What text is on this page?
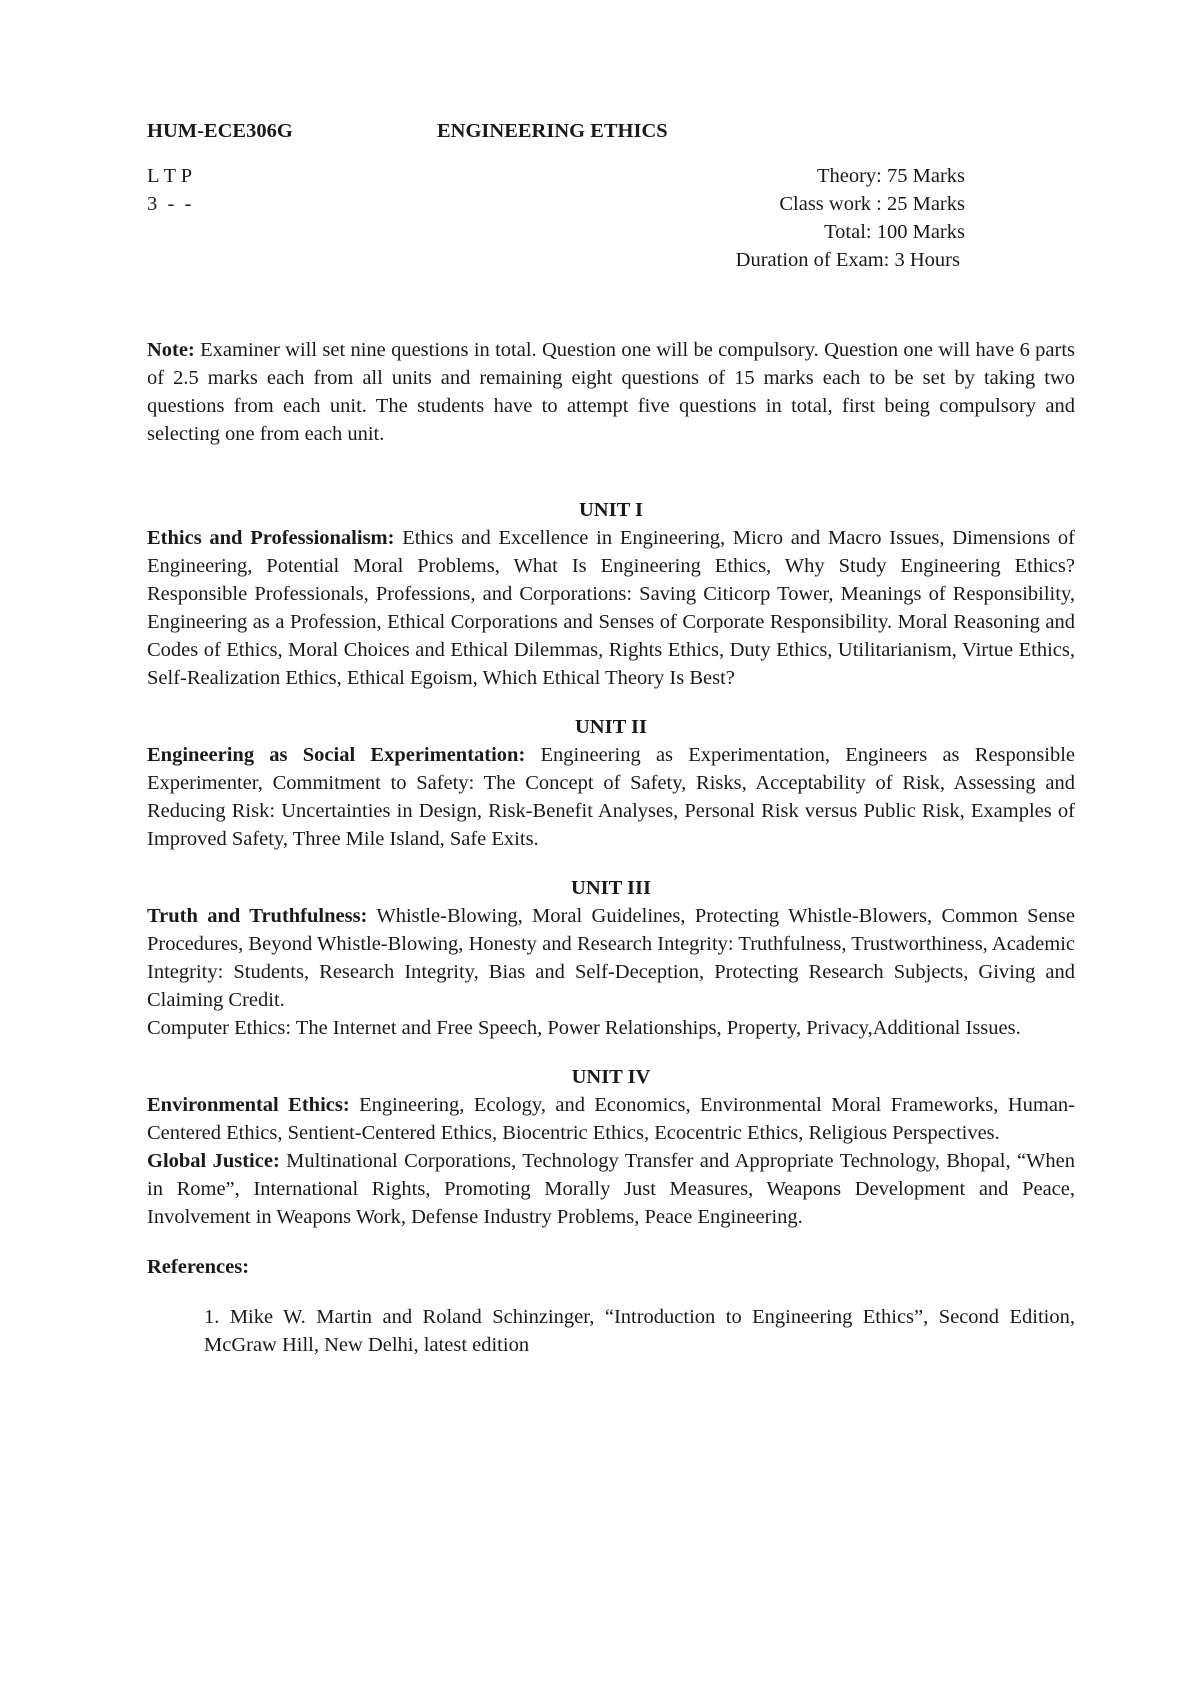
HUM-ECE306G	ENGINEERING ETHICS
L T P
3  -  -
Theory: 75 Marks
Class work : 25 Marks
Total: 100 Marks
Duration of Exam: 3 Hours

Note: Examiner will set nine questions in total. Question one will be compulsory. Question one will have 6 parts of 2.5 marks each from all units and remaining eight questions of 15 marks each to be set by taking two questions from each unit. The students have to attempt five questions in total, first being compulsory and selecting one from each unit.

UNIT I

Ethics and Professionalism: Ethics and Excellence in Engineering, Micro and Macro Issues, Dimensions of Engineering, Potential Moral Problems, What Is Engineering Ethics, Why Study Engineering Ethics? Responsible Professionals, Professions, and Corporations: Saving Citicorp Tower, Meanings of Responsibility, Engineering as a Profession, Ethical Corporations and Senses of Corporate Responsibility. Moral Reasoning and Codes of Ethics, Moral Choices and Ethical Dilemmas, Rights Ethics, Duty Ethics, Utilitarianism, Virtue Ethics, Self-Realization Ethics, Ethical Egoism, Which Ethical Theory Is Best?

UNIT II

Engineering as Social Experimentation: Engineering as Experimentation, Engineers as Responsible Experimenter, Commitment to Safety: The Concept of Safety, Risks, Acceptability of Risk, Assessing and Reducing Risk: Uncertainties in Design, Risk-Benefit Analyses, Personal Risk versus Public Risk, Examples of Improved Safety, Three Mile Island, Safe Exits.

UNIT III

Truth and Truthfulness: Whistle-Blowing, Moral Guidelines, Protecting Whistle-Blowers, Common Sense Procedures, Beyond Whistle-Blowing, Honesty and Research Integrity: Truthfulness, Trustworthiness, Academic Integrity: Students, Research Integrity, Bias and Self-Deception, Protecting Research Subjects, Giving and Claiming Credit.

Computer Ethics: The Internet and Free Speech, Power Relationships, Property, Privacy,Additional Issues.

UNIT IV

Environmental Ethics: Engineering, Ecology, and Economics, Environmental Moral Frameworks, Human-Centered Ethics, Sentient-Centered Ethics, Biocentric Ethics, Ecocentric Ethics, Religious Perspectives.

Global Justice: Multinational Corporations, Technology Transfer and Appropriate Technology, Bhopal, “When in Rome”, International Rights, Promoting Morally Just Measures, Weapons Development and Peace, Involvement in Weapons Work, Defense Industry Problems, Peace Engineering.

References:
1. Mike W. Martin and Roland Schinzinger, “Introduction to Engineering Ethics”, Second Edition, McGraw Hill, New Delhi, latest edition
